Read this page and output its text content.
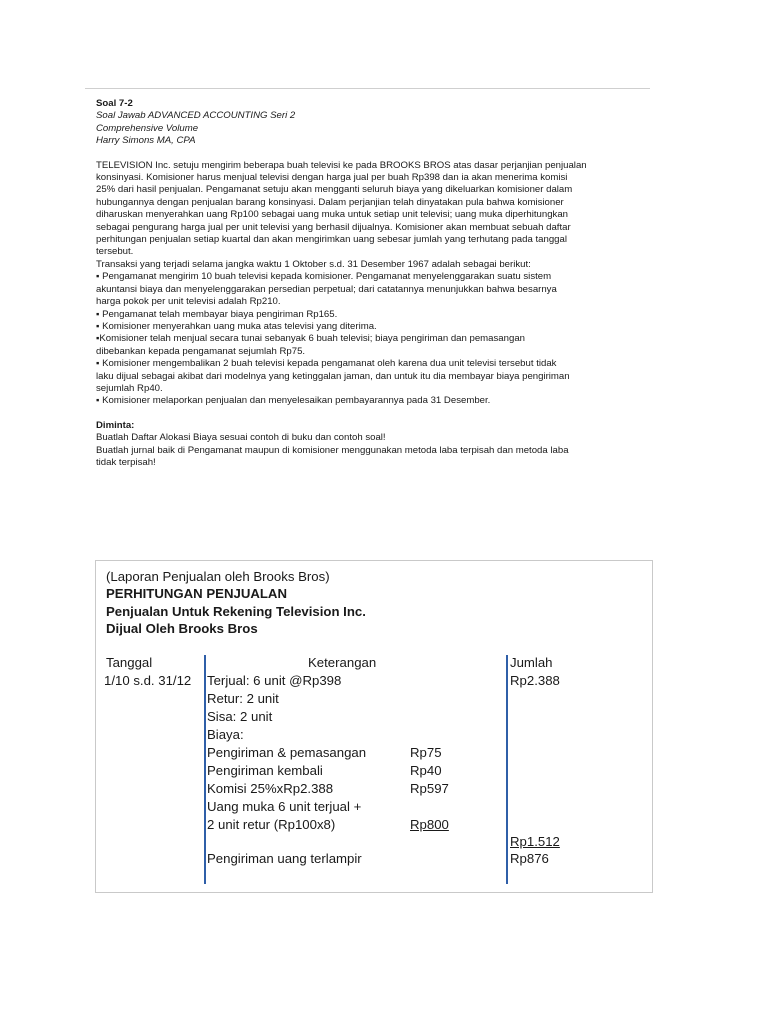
Soal 7-2

Soal Jawab ADVANCED ACCOUNTING Seri 2

Comprehensive Volume

Harry Simons MA, CPA

TELEVISION Inc. setuju mengirim beberapa buah televisi ke pada BROOKS BROS atas dasar perjanjian penjualan

konsinyasi. Komisioner harus menjual televisi dengan harga jual per buah Rp398 dan ia akan menerima komisi

25% dari hasil penjualan. Pengamanat setuju akan mengganti seluruh biaya yang dikeluarkan komisioner dalam

hubungannya dengan penjualan barang konsinyasi. Dalam perjanjian telah dinyatakan pula bahwa komisioner

diharuskan menyerahkan uang Rp100 sebagai uang muka untuk setiap unit televisi; uang muka diperhitungkan

sebagai pengurang harga jual per unit televisi yang berhasil dijualnya. Komisioner akan membuat sebuah daftar

perhitungan penjualan setiap kuartal dan akan mengirimkan uang sebesar jumlah yang terhutang pada tanggal

tersebut.

Transaksi yang terjadi selama jangka waktu 1 Oktober s.d. 31 Desember 1967 adalah sebagai berikut:

▪ Pengamanat mengirim 10 buah televisi kepada komisioner. Pengamanat menyelenggarakan suatu sistem

akuntansi biaya dan menyelenggarakan persedian perpetual; dari catatannya menunjukkan bahwa besarnya

harga pokok per unit televisi adalah Rp210.

▪ Pengamanat telah membayar biaya pengiriman Rp165.

▪ Komisioner menyerahkan uang muka atas televisi yang diterima.

▪Komisioner telah menjual secara tunai sebanyak 6 buah televisi; biaya pengiriman dan pemasangan

dibebankan kepada pengamanat sejumlah Rp75.

▪ Komisioner mengembalikan 2 buah televisi kepada pengamanat oleh karena dua unit televisi tersebut tidak

laku dijual sebagai akibat dari modelnya yang ketinggalan jaman, dan untuk itu dia membayar biaya pengiriman

sejumlah Rp40.

▪ Komisioner melaporkan penjualan dan menyelesaikan pembayarannya pada 31 Desember.

Diminta:

Buatlah Daftar Alokasi Biaya sesuai contoh di buku dan contoh soal!

Buatlah jurnal baik di Pengamanat maupun di komisioner menggunakan metoda laba terpisah dan metoda laba

tidak terpisah!

(Laporan Penjualan oleh Brooks Bros)
PERHITUNGAN PENJUALAN
Penjualan Untuk Rekening Television Inc.
Dijual Oleh Brooks Bros
Tanggal	Keterangan	Jumlah
1/10 s.d. 31/12 Terjual: 6 unit @Rp398
Retur: 2 unit
Sisa: 2 unit
Biaya:
Pengiriman & pemasangan
Pengiriman kembali
Komisi 25%xRp2.388
Uang muka 6 unit terjual +
2 unit retur (Rp100x8)
Pengiriman uang terlampir
Rp75
Rp40
Rp597
Rp800
Rp2.388
Rp1.512
Rp876
